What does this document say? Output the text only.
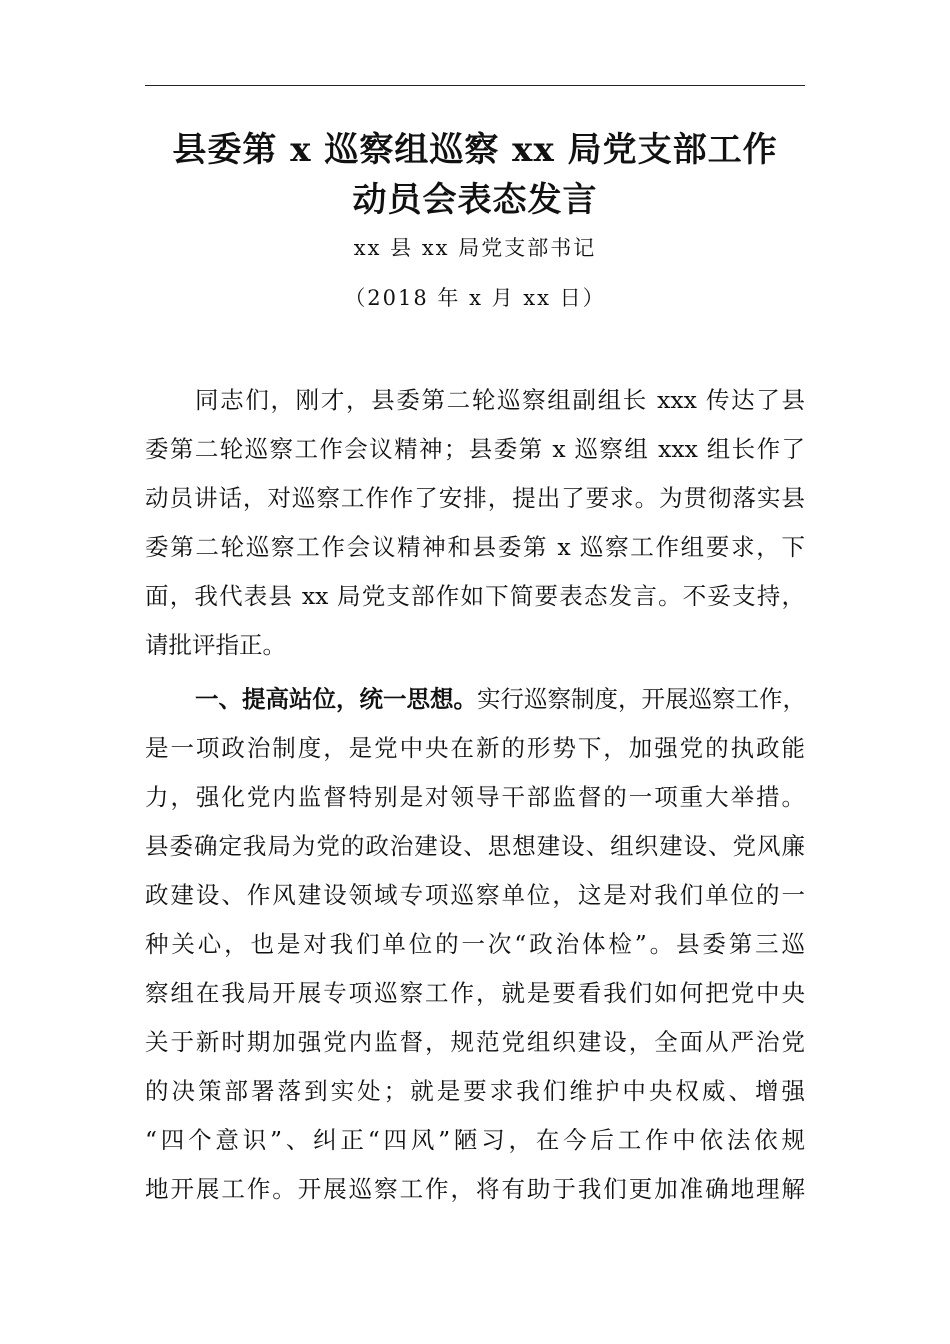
县委第 x 巡察组巡察 xx 局党支部工作
动员会表态发言
xx 县 xx 局党支部书记
（2018 年 x 月 xx 日）
同志们，刚才，县委第二轮巡察组副组长 xxx 传达了县
委第二轮巡察工作会议精神；县委第 x 巡察组 xxx 组长作了
动员讲话，对巡察工作作了安排，提出了要求。为贯彻落实县
委第二轮巡察工作会议精神和县委第 x 巡察工作组要求，下
面，我代表县 xx 局党支部作如下简要表态发言。不妥支持，
请批评指正。
一、提高站位，统一思想。实行巡察制度，开展巡察工作，
是一项政治制度，是党中央在新的形势下，加强党的执政能
力，强化党内监督特别是对领导干部监督的一项重大举措。
县委确定我局为党的政治建设、思想建设、组织建设、党风廉
政建设、作风建设领域专项巡察单位，这是对我们单位的一
种关心，也是对我们单位的一次“政治体检”。县委第三巡
察组在我局开展专项巡察工作，就是要看我们如何把党中央
关于新时期加强党内监督，规范党组织建设，全面从严治党
的决策部署落到实处；就是要求我们维护中央权威、增强
“四个意识”、纠正“四风”陋习，在今后工作中依法依规
地开展工作。开展巡察工作，将有助于我们更加准确地理解
